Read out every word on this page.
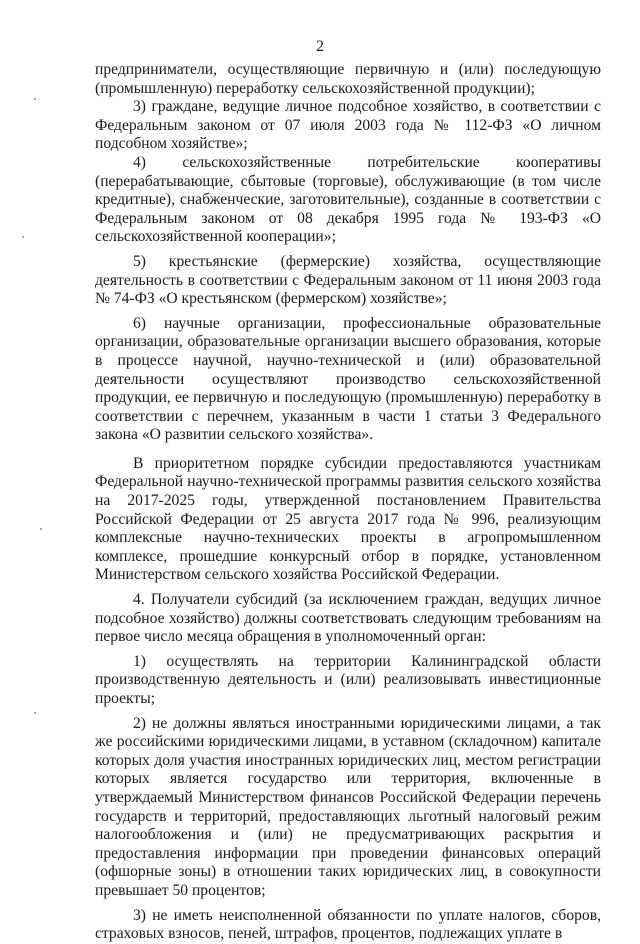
2

предприниматели, осуществляющие первичную и (или) последующую (промышленную) переработку сельскохозяйственной продукции);

3) граждане, ведущие личное подсобное хозяйство, в соответствии с Федеральным законом от 07 июля 2003 года № 112-ФЗ «О личном подсобном хозяйстве»;

4) сельскохозяйственные потребительские кооперативы (перерабатывающие, сбытовые (торговые), обслуживающие (в том числе кредитные), снабженческие, заготовительные), созданные в соответствии с Федеральным законом от 08 декабря 1995 года № 193-ФЗ «О сельскохозяйственной кооперации»;

5) крестьянские (фермерские) хозяйства, осуществляющие деятельность в соответствии с Федеральным законом от 11 июня 2003 года № 74-ФЗ «О крестьянском (фермерском) хозяйстве»;

6) научные организации, профессиональные образовательные организации, образовательные организации высшего образования, которые в процессе научной, научно-технической и (или) образовательной деятельности осуществляют производство сельскохозяйственной продукции, ее первичную и последующую (промышленную) переработку в соответствии с перечнем, указанным в части 1 статьи 3 Федерального закона «О развитии сельского хозяйства».

В приоритетном порядке субсидии предоставляются участникам Федеральной научно-технической программы развития сельского хозяйства на 2017-2025 годы, утвержденной постановлением Правительства Российской Федерации от 25 августа 2017 года № 996, реализующим комплексные научно-технических проекты в агропромышленном комплексе, прошедшие конкурсный отбор в порядке, установленном Министерством сельского хозяйства Российской Федерации.

4. Получатели субсидий (за исключением граждан, ведущих личное подсобное хозяйство) должны соответствовать следующим требованиям на первое число месяца обращения в уполномоченный орган:

1) осуществлять на территории Калининградской области производственную деятельность и (или) реализовывать инвестиционные проекты;

2) не должны являться иностранными юридическими лицами, а так же российскими юридическими лицами, в уставном (складочном) капитале которых доля участия иностранных юридических лиц, местом регистрации которых является государство или территория, включенные в утверждаемый Министерством финансов Российской Федерации перечень государств и территорий, предоставляющих льготный налоговый режим налогообложения и (или) не предусматривающих раскрытия и предоставления информации при проведении финансовых операций (офшорные зоны) в отношении таких юридических лиц, в совокупности превышает 50 процентов;

3) не иметь неисполненной обязанности по уплате налогов, сборов, страховых взносов, пеней, штрафов, процентов, подлежащих уплате в
